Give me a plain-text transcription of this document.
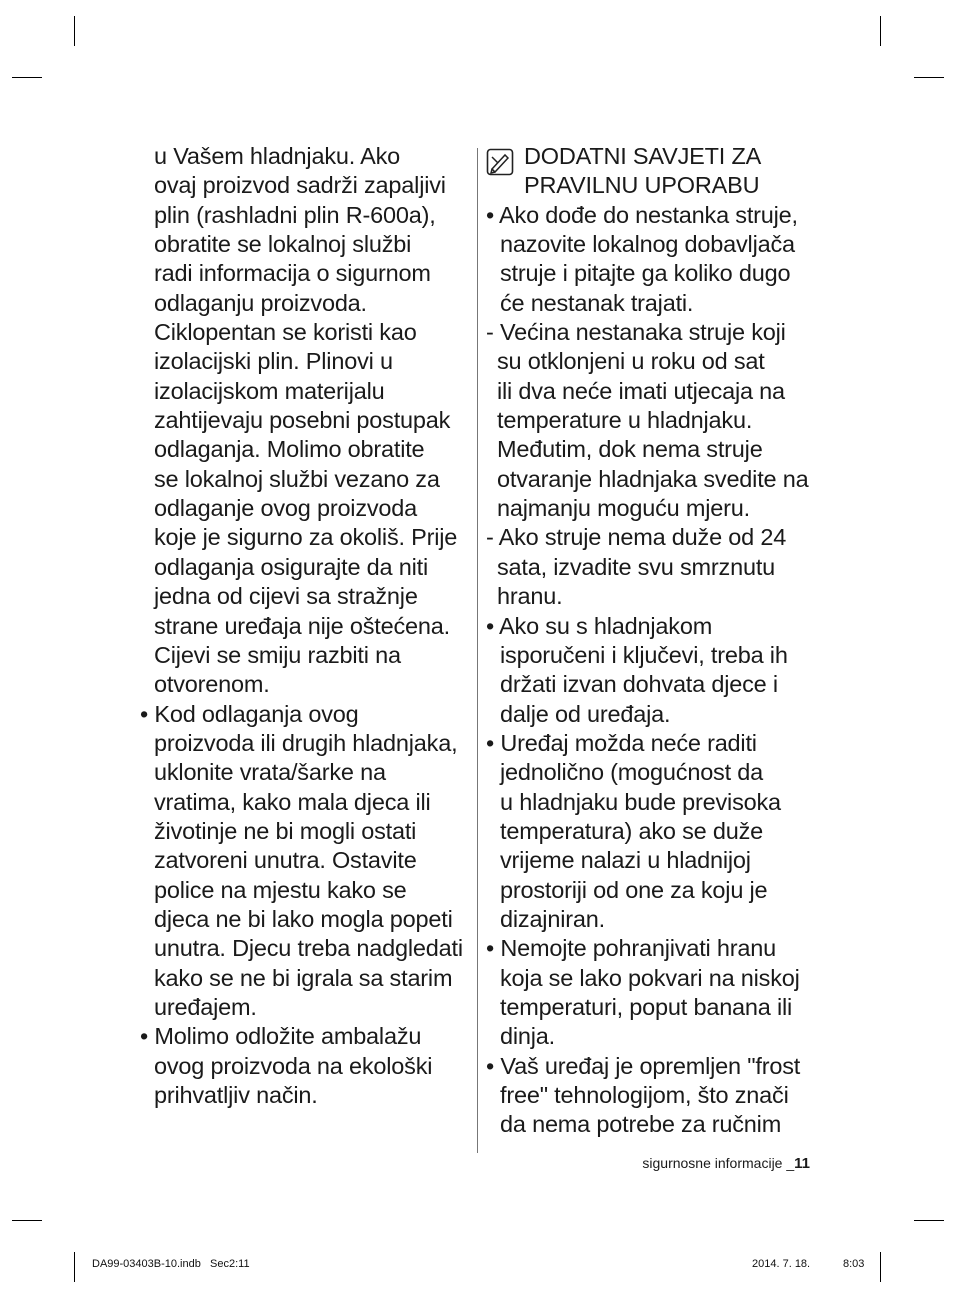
u Vašem hladnjaku. Ako
ovaj proizvod sadrži zapaljivi
plin (rashladni plin R-600a),
obratite se lokalnoj službi
radi informacija o sigurnom
odlaganju proizvoda.
Ciklopentan se koristi kao
izolacijski plin. Plinovi u
izolacijskom materijalu
zahtijevaju posebni postupak
odlaganja. Molimo obratite
se lokalnoj službi vezano za
odlaganje ovog proizvoda
koje je sigurno za okoliš. Prije
odlaganja osigurajte da niti
jedna od cijevi sa stražnje
strane uređaja nije oštećena.
Cijevi se smiju razbiti na
otvorenom.
• Kod odlaganja ovog
proizvoda ili drugih hladnjaka,
uklonite vrata/šarke na
vratima, kako mala djeca ili
životinje ne bi mogli ostati
zatvoreni unutra. Ostavite
police na mjestu kako se
djeca ne bi lako mogla popeti
unutra. Djecu treba nadgledati
kako se ne bi igrala sa starim
uređajem.
• Molimo odložite ambalažu
ovog proizvoda na ekološki
prihvatljiv način.
DODATNI SAVJETI ZA
PRAVILNU UPORABU
• Ako dođe do nestanka struje,
nazovite lokalnog dobavljača
struje i pitajte ga koliko dugo
će nestanak trajati.
- Većina nestanaka struje koji
su otklonjeni u roku od sat
ili dva neće imati utjecaja na
temperature u hladnjaku.
Međutim, dok nema struje
otvaranje hladnjaka svedite na
najmanju moguću mjeru.
- Ako struje nema duže od 24
sata, izvadite svu smrznutu
hranu.
• Ako su s hladnjakom
isporučeni i ključevi, treba ih
držati izvan dohvata djece i
dalje od uređaja.
• Uređaj možda neće raditi
jednolično (mogućnost da
u hladnjaku bude previsoka
temperatura) ako se duže
vrijeme nalazi u hladnijoj
prostoriji od one za koju je
dizajniran.
• Nemojte pohranjivati hranu
koja se lako pokvari na niskoj
temperaturi, poput banana ili
dinja.
• Vaš uređaj je opremljen "frost
free" tehnologijom, što znači
da nema potrebe za ručnim
sigurnosne informacije _11
DA99-03403B-10.indb   Sec2:11	2014. 7. 18.	8:03
